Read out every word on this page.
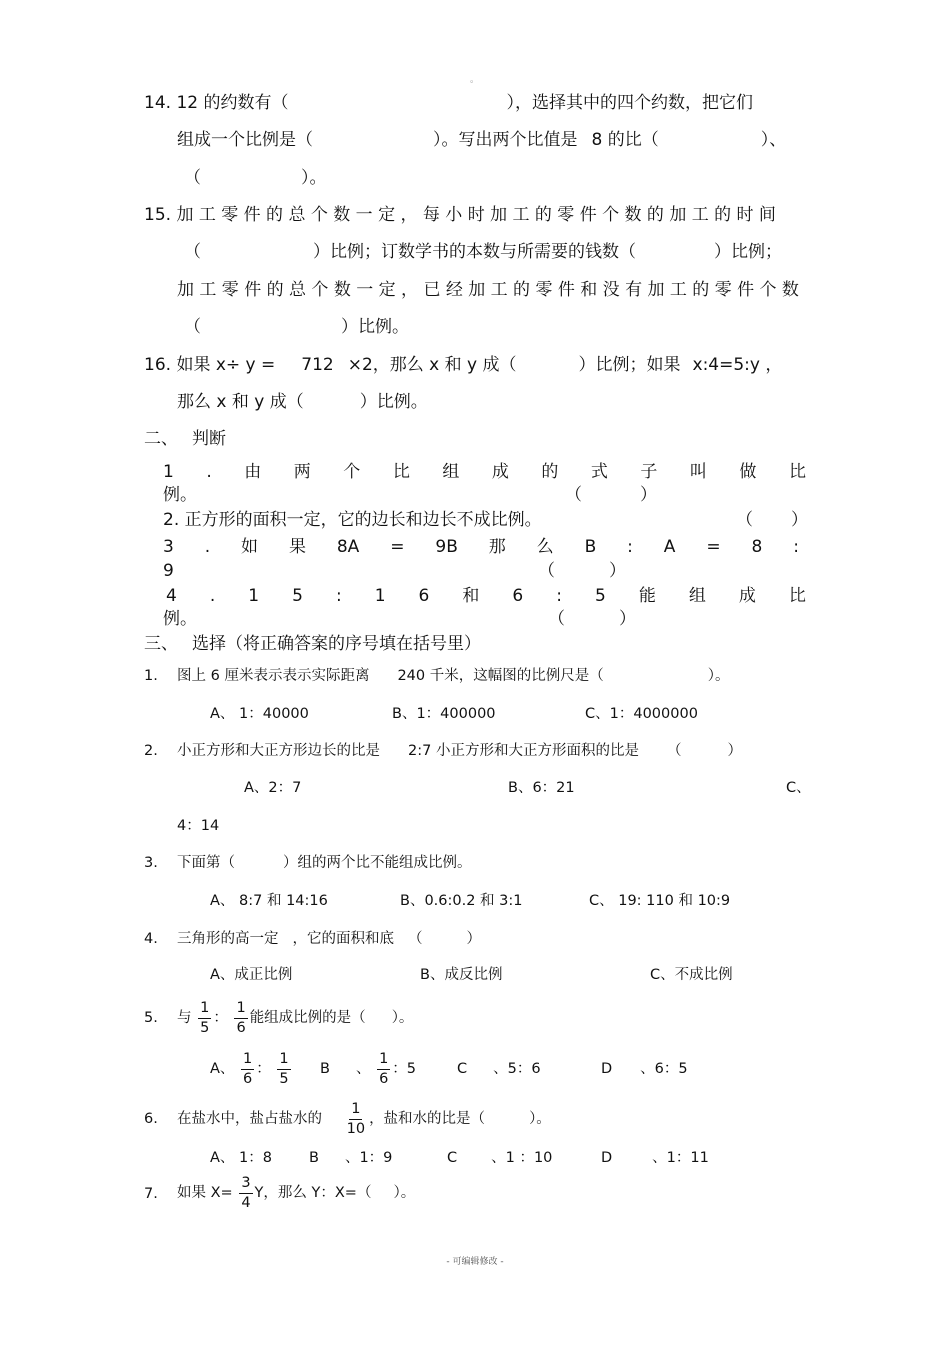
。
14. 12 的约数有（	），选择其中的四个约数，把它们
组成一个比例是（	）。写出两个比值是 8 的比（	）、
（	）。
15. 加 工 零 件 的 总 个 数 一 定 ， 每 小 时 加 工 的 零 件 个 数 的 加 工 的 时 间
（	）比例；订数学书的本数与所需要的钱数（	）比例；
加 工 零 件 的 总 个 数 一 定 ， 已 经 加 工 的 零 件 和 没 有 加 工 的 零 件 个 数
（	）比例。
16. 如果 x÷ y = 712 ×2，那么 x 和 y 成（	）比例；如果 x:4=5:y ，
那么 x 和 y 成（	）比例。
二、 判断
1 . 由 两 个 比 组 成 的 式 子 叫 做 比
例。	（	）
2. 正方形的面积一定，它的边长和边长不成比例。	（ ）
3 . 如 果 8A = 9B 那 么 B : A = 8 :
9	（	）
4 . 1 5 : 1 6 和 6 : 5 能 组 成 比
例。	（	）
三、 选择（将正确答案的序号填在括号里）
1. 图上 6 厘米表示表示实际距离 240 千米，这幅图的比例尺是（	）。
A、 1：40000	B、1：400000	C、1：4000000
2. 小正方形和大正方形边长的比是 2:7 小正方形和大正方形面积的比是 （	）
A、2：7	B、6：21	C、
4：14
3. 下面第（	）组的两个比不能组成比例。
A、 8:7 和 14:16	B、0.6:0.2 和 3:1	C、 19: 110 和 10:9
4. 三角形的高一定 ，它的面积和底 （	）
A、成正比例	B、成反比例	C、不成比例
5. 与 $\frac{1}{5}$ ： $\frac{1}{6}$ 能组成比例的是（ ）。
A、 $\frac{1}{6}$ ： $\frac{1}{5}$ B 、 $\frac{1}{6}$ ：5	C 、5：6	D 、6：5
6. 在盐水中，盐占盐水的 $\frac{1}{10}$ ，盐和水的比是（	）。
A、 1：8	B 、1：9	C 、1 ：10	D	、1：11
7. 如果 $X= \frac{3}{4}$ Y，那么 Y：X=（ ）。
- 可编辑修改 -
